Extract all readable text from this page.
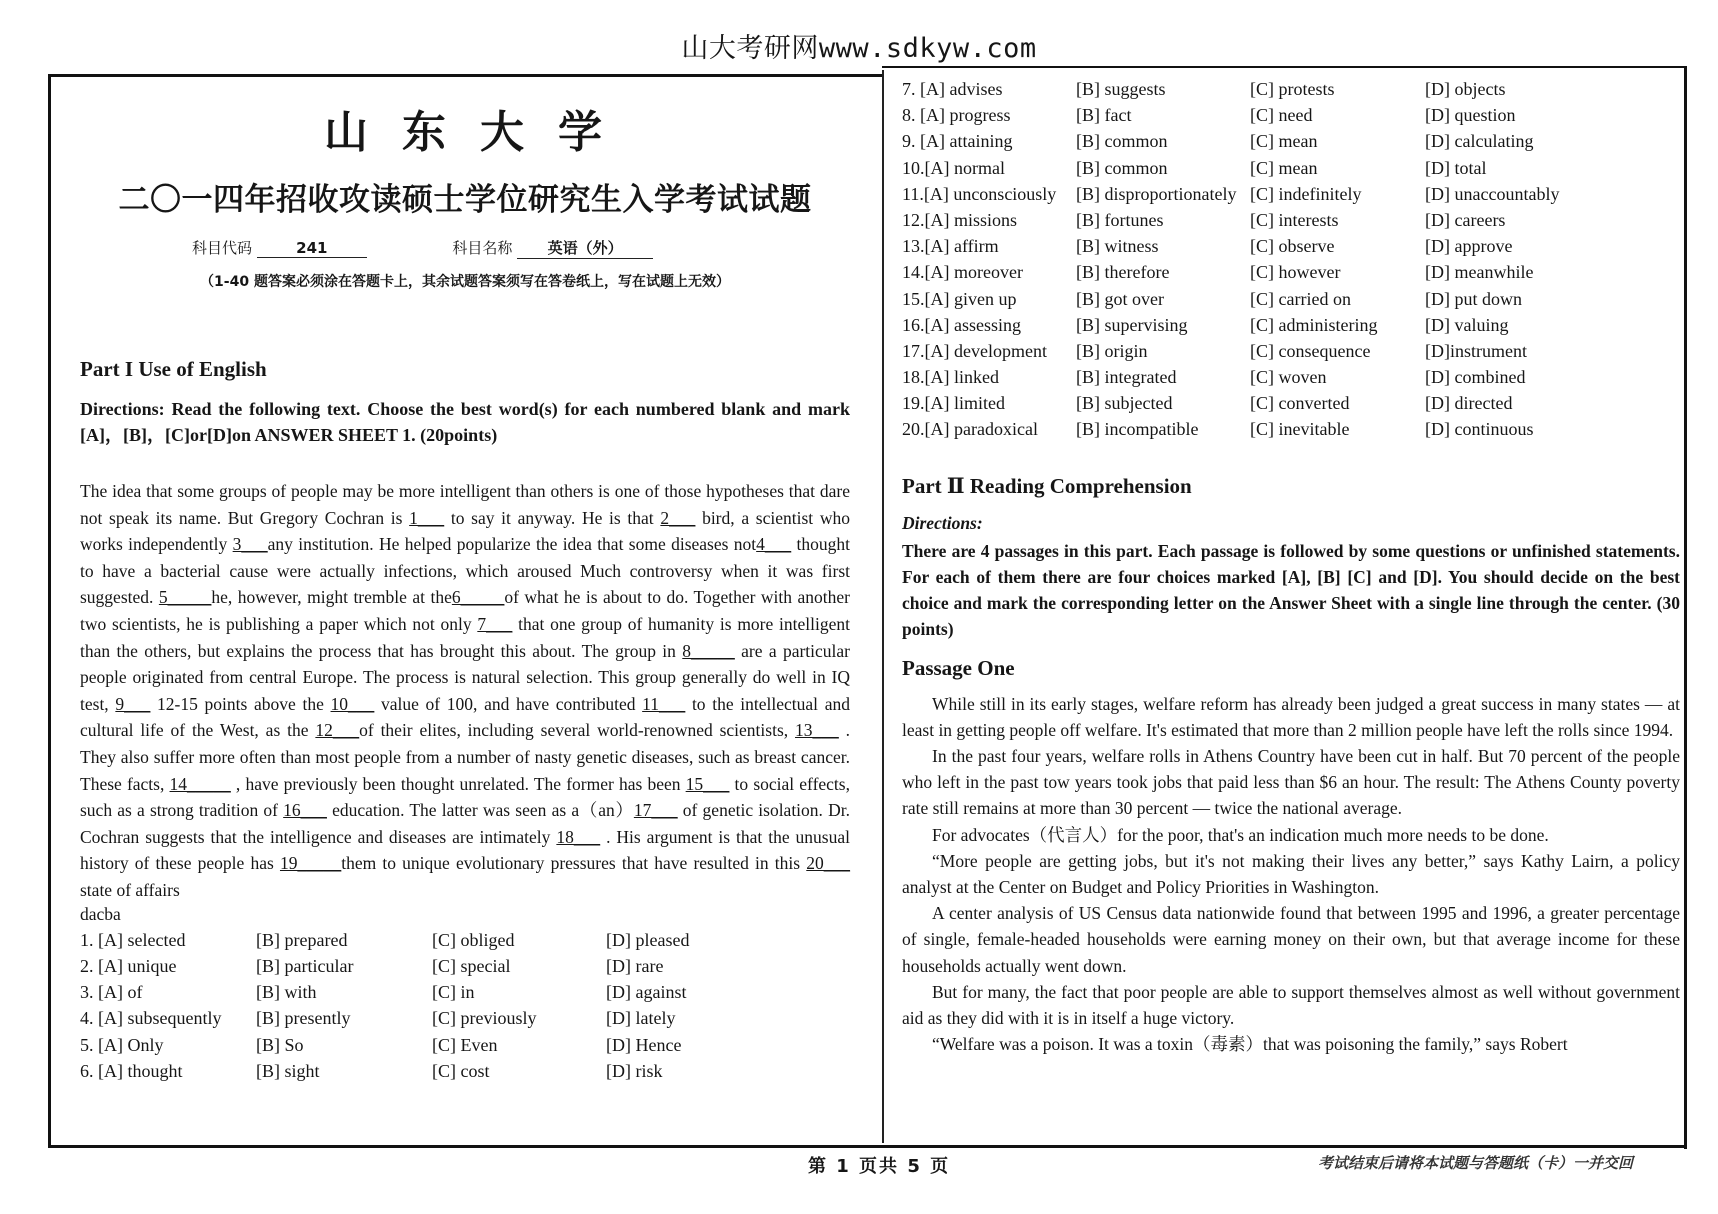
山大考研网www.sdkyw.com
山东大学
二〇一四年招收攻读硕士学位研究生入学考试试题
科目代码	241	科目名称 英语（外）
（1-40 题答案必须涂在答题卡上，其余试题答案须写在答卷纸上，写在试题上无效）
Part I Use of English
Directions: Read the following text. Choose the best word(s) for each numbered blank and mark [A]，[B]，[C]or[D]on ANSWER SHEET 1. (20points)
The idea that some groups of people may be more intelligent than others is one of those hypotheses that dare not speak its name. But Gregory Cochran is 1___ to say it anyway. He is that 2___ bird, a scientist who works independently 3___any institution. He helped popularize the idea that some diseases not4___ thought to have a bacterial cause were actually infections, which aroused Much controversy when it was first suggested. 5_____he, however, might tremble at the6_____of what he is about to do. Together with another two scientists, he is publishing a paper which not only 7___ that one group of humanity is more intelligent than the others, but explains the process that has brought this about. The group in 8_____ are a particular people originated from central Europe. The process is natural selection. This group generally do well in IQ test, 9___ 12-15 points above the 10___ value of 100, and have contributed 11___ to the intellectual and cultural life of the West, as the 12___of their elites, including several world-renowned scientists, 13___ . They also suffer more often than most people from a number of nasty genetic diseases, such as breast cancer. These facts, 14_____ , have previously been thought unrelated. The former has been 15___ to social effects, such as a strong tradition of 16___ education. The latter was seen as a（an）17___ of genetic isolation. Dr. Cochran suggests that the intelligence and diseases are intimately 18___ . His argument is that the unusual history of these people has 19_____them to unique evolutionary pressures that have resulted in this 20___ state of affairs
dacba
1. [A] selected	[B] prepared	[C] obliged	[D] pleased
2. [A] unique	[B] particular	[C] special	[D] rare
3. [A] of	[B] with	[C] in	[D] against
4. [A] subsequently	[B] presently	[C] previously	[D] lately
5. [A] Only	[B] So	[C] Even	[D] Hence
6. [A] thought	[B] sight	[C] cost	[D] risk
7. [A] advises	[B] suggests	[C] protests	[D] objects
8. [A] progress	[B] fact	[C] need	[D] question
9. [A] attaining	[B] common	[C] mean	[D] calculating
10.[A] normal	[B] common	[C] mean	[D] total
11.[A] unconsciously	[B] disproportionately [C] indefinitely	[D] unaccountably
12.[A] missions	[B] fortunes	[C] interests	[D] careers
13.[A] affirm	[B] witness	[C] observe	[D] approve
14.[A] moreover	[B] therefore	[C] however	[D] meanwhile
15.[A] given up	[B] got over	[C] carried on	[D] put down
16.[A] assessing	[B] supervising	[C] administering	[D] valuing
17.[A] development	[B] origin	[C] consequence	[D]instrument
18.[A] linked	[B] integrated	[C] woven	[D] combined
19.[A] limited	[B] subjected	[C] converted	[D] directed
20.[A] paradoxical	[B] incompatible	[C] inevitable	[D] continuous
Part Ⅱ Reading Comprehension
Directions:
There are 4 passages in this part. Each passage is followed by some questions or unfinished statements. For each of them there are four choices marked [A], [B] [C] and [D]. You should decide on the best choice and mark the corresponding letter on the Answer Sheet with a single line through the center. (30 points)
Passage One

While still in its early stages, welfare reform has already been judged a great success in many states — at least in getting people off welfare. It's estimated that more than 2 million people have left the rolls since 1994.

In the past four years, welfare rolls in Athens Country have been cut in half. But 70 percent of the people who left in the past tow years took jobs that paid less than $6 an hour. The result: The Athens County poverty rate still remains at more than 30 percent — twice the national average.

For advocates（代言人）for the poor, that's an indication much more needs to be done.

“More people are getting jobs, but it's not making their lives any better,” says Kathy Lairn, a policy analyst at the Center on Budget and Policy Priorities in Washington.

A center analysis of US Census data nationwide found that between 1995 and 1996, a greater percentage of single, female-headed households were earning money on their own, but that average income for these households actually went down.

But for many, the fact that poor people are able to support themselves almost as well without government aid as they did with it is in itself a huge victory.

“Welfare was a poison. It was a toxin（毒素）that was poisoning the family,” says Robert

第 1 页共 5 页	考试结束后请将本试题与答题纸（卡）一并交回
